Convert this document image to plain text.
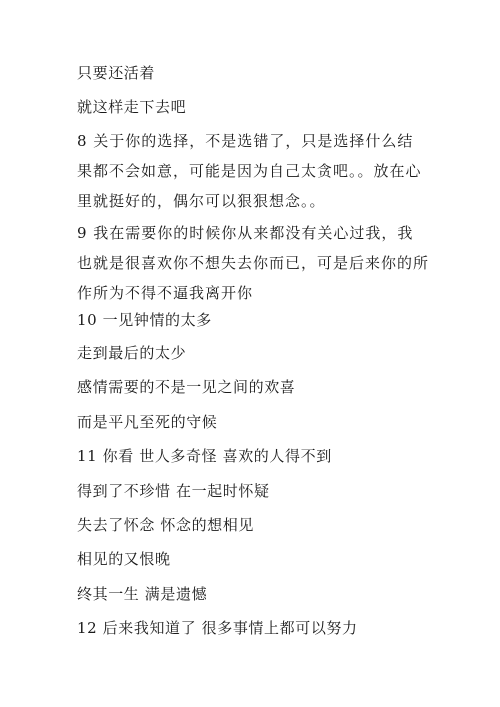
只要还活着
就这样走下去吧
8 关于你的选择，不是选错了，只是选择什么结果都不会如意，可能是因为自己太贪吧。。放在心里就挺好的，偶尔可以狠狠想念。。
9 我在需要你的时候你从来都没有关心过我，我也就是很喜欢你不想失去你而已，可是后来你的所作所为不得不逼我离开你
10 一见钟情的太多
走到最后的太少
感情需要的不是一见之间的欢喜
而是平凡至死的守候
11 你看 世人多奇怪 喜欢的人得不到
得到了不珍惜 在一起时怀疑
失去了怀念 怀念的想相见
相见的又恨晚
终其一生 满是遗憾
12 后来我知道了 很多事情上都可以努力
